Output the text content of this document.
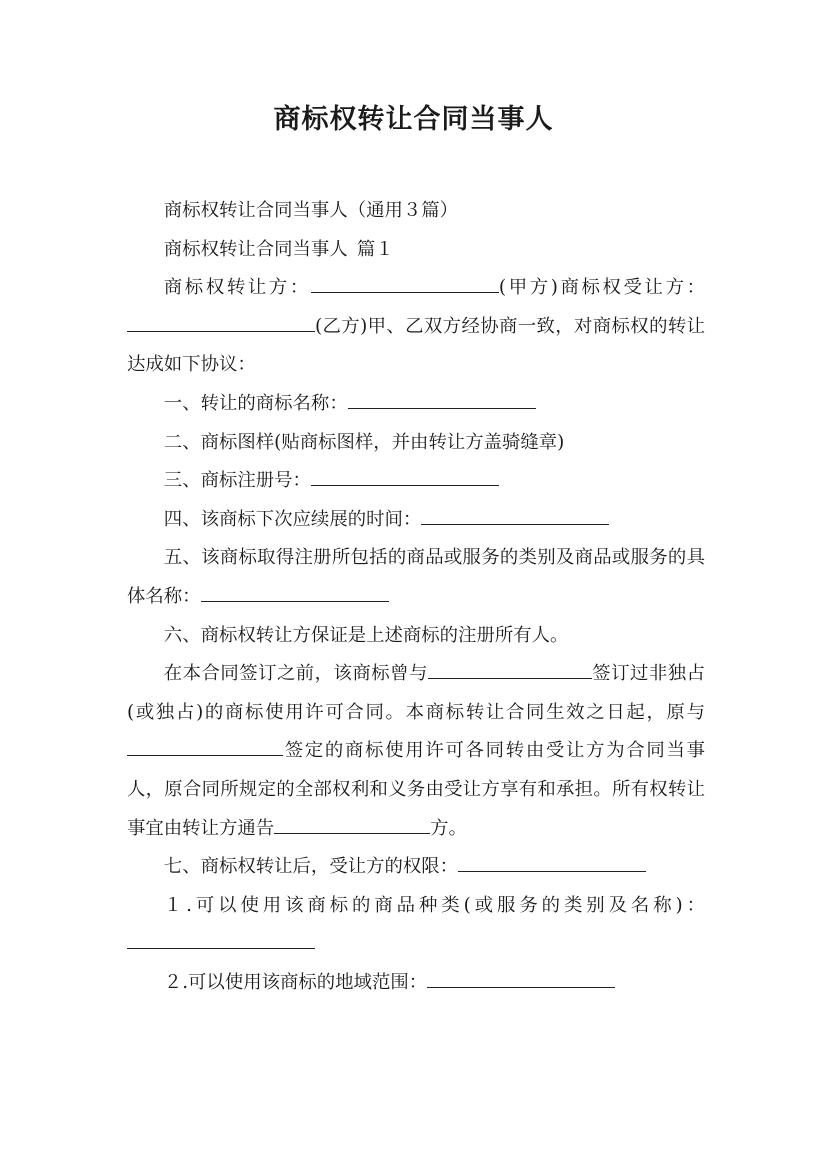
商标权转让合同当事人

商标权转让合同当事人（通用３篇）

商标权转让合同当事人 篇１

商标权转让方：	(甲方)商标权受让方：(乙方)甲、乙双方经协商一致，对商标权的转让达成如下协议：

一、转让的商标名称：

二、商标图样(贴商标图样，并由转让方盖骑缝章)

三、商标注册号：

四、该商标下次应续展的时间：

五、该商标取得注册所包括的商品或服务的类别及商品或服务的具体名称：

六、商标权转让方保证是上述商标的注册所有人。

在本合同签订之前，该商标曾与	签订过非独占(或独占)的商标使用许可合同。本商标转让合同生效之日起，原与签定的商标使用许可各同转由受让方为合同当事人，原合同所规定的全部权利和义务由受让方享有和承担。所有权转让事宜由转让方通告	方。

七、商标权转让后，受让方的权限：

１.可以使用该商标的商品种类(或服务的类别及名称)：

２.可以使用该商标的地域范围：
